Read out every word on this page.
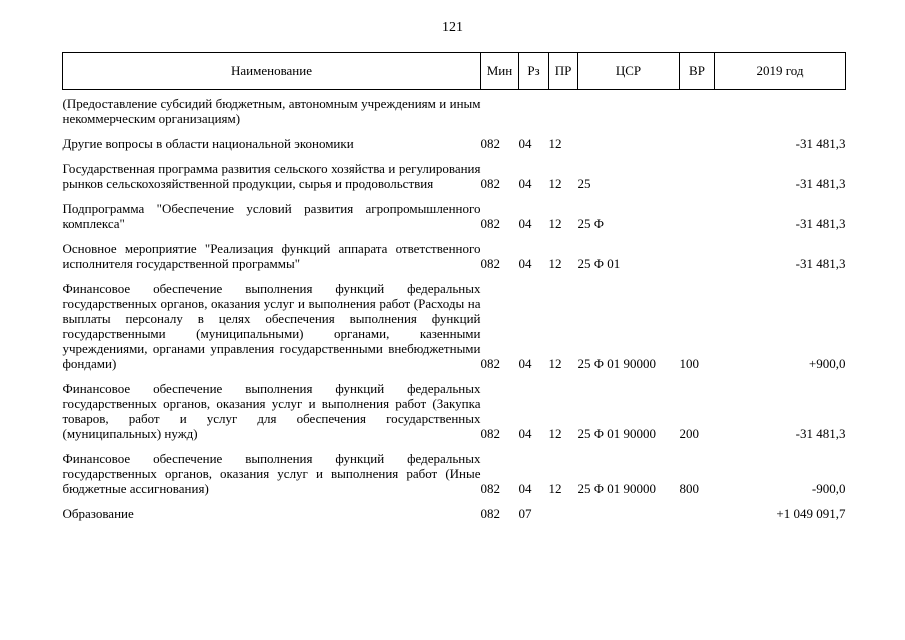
121
Наименование	Мин	Рз	ПР	ЦСР	ВР	2019 год
(Предоставление субсидий бюджетным, автономным учреждениям и иным некоммерческим организациям)						
Другие вопросы в области национальной экономики	082	04	12			-31 481,3
Государственная программа развития сельского хозяйства и регулирования рынков сельскохозяйственной продукции, сырья и продовольствия	082	04	12	25		-31 481,3
Подпрограмма "Обеспечение условий развития агропромышленного комплекса"	082	04	12	25 Ф		-31 481,3
Основное мероприятие "Реализация функций аппарата ответственного исполнителя государственной программы"	082	04	12	25 Ф 01		-31 481,3
Финансовое обеспечение выполнения функций федеральных государственных органов, оказания услуг и выполнения работ (Расходы на выплаты персоналу в целях обеспечения выполнения функций государственными (муниципальными) органами, казенными учреждениями, органами управления государственными внебюджетными фондами)	082	04	12	25 Ф 01 90000	100	+900,0
Финансовое обеспечение выполнения функций федеральных государственных органов, оказания услуг и выполнения работ (Закупка товаров, работ и услуг для обеспечения государственных (муниципальных) нужд)	082	04	12	25 Ф 01 90000	200	-31 481,3
Финансовое обеспечение выполнения функций федеральных государственных органов, оказания услуг и выполнения работ (Иные бюджетные ассигнования)	082	04	12	25 Ф 01 90000	800	-900,0
Образование	082	07				+1 049 091,7
